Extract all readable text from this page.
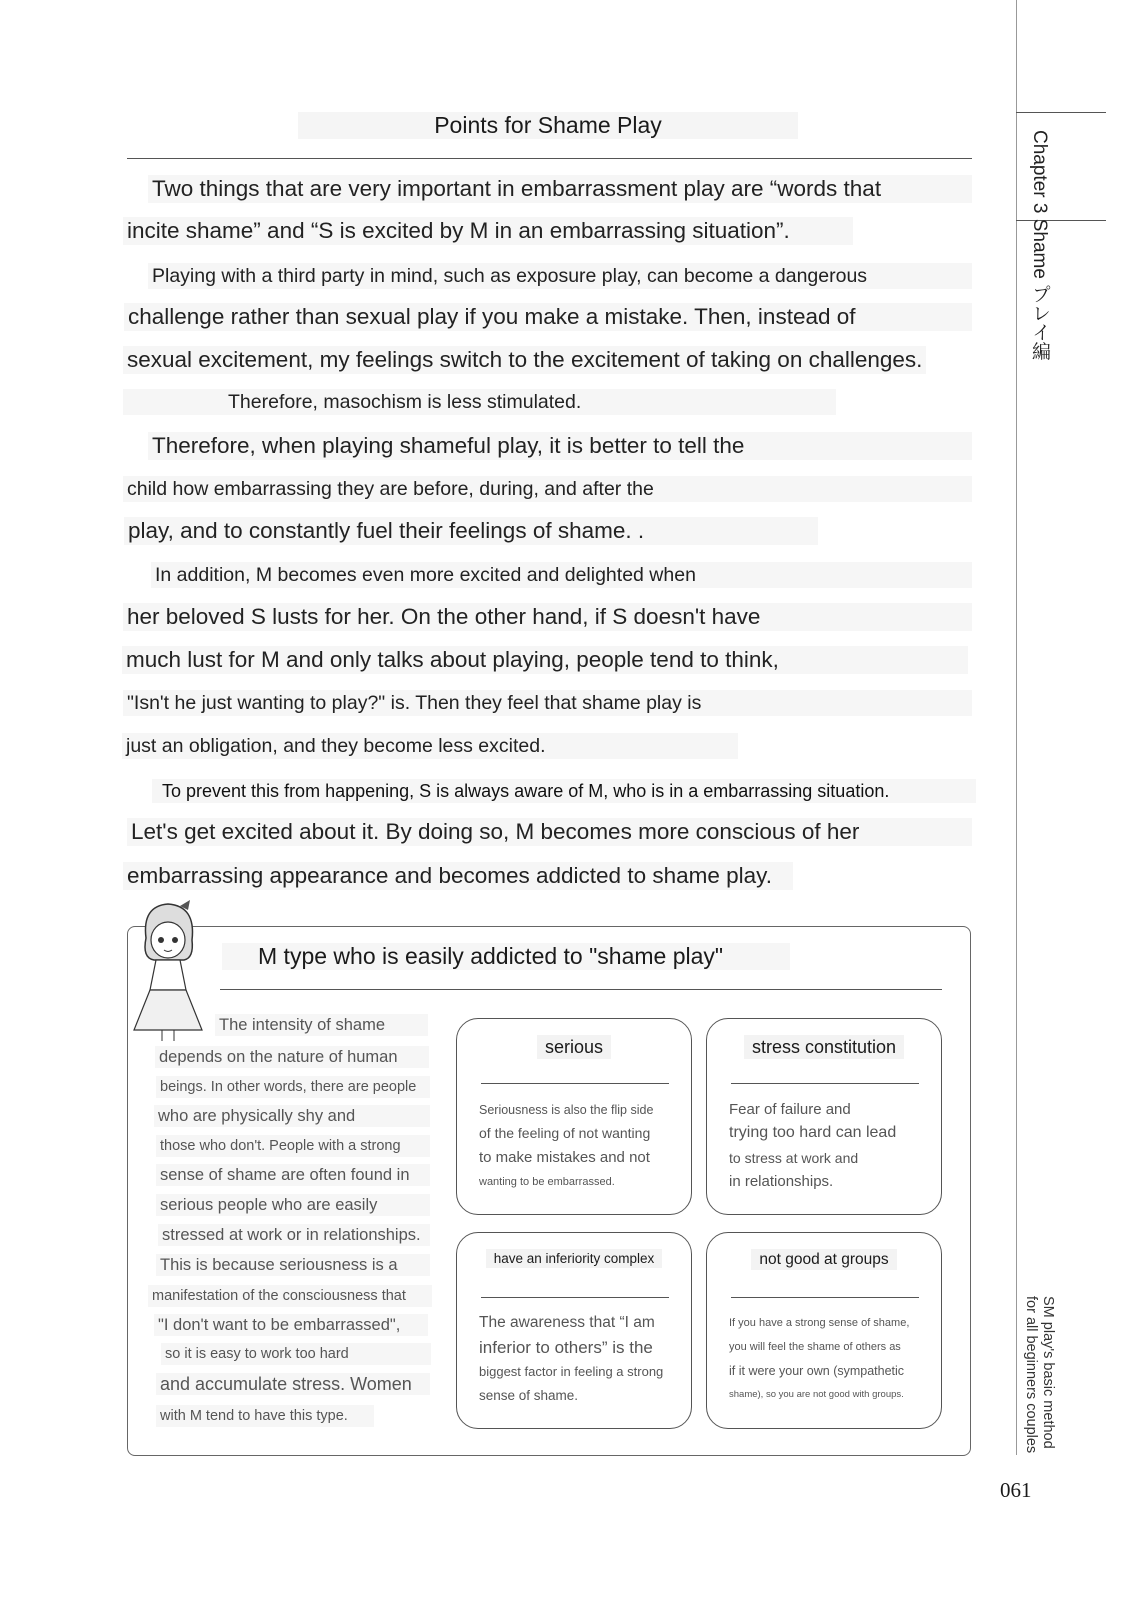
Chapter 3 Shame プレイ編
SM play's basic method
for all beginners couples
061
Points for Shame Play
Two things that are very important in embarrassment play are “words that
incite shame” and “S is excited by M in an embarrassing situation”.
Playing with a third party in mind, such as exposure play, can become a dangerous
challenge rather than sexual play if you make a mistake. Then, instead of
sexual excitement, my feelings switch to the excitement of taking on challenges.
Therefore, masochism is less stimulated.
Therefore, when playing shameful play, it is better to tell the
child how embarrassing they are before, during, and after the
play, and to constantly fuel their feelings of shame. .
In addition, M becomes even more excited and delighted when
her beloved S lusts for her. On the other hand, if S doesn't have
much lust for M and only talks about playing, people tend to think,
"Isn't he just wanting to play?" is. Then they feel that shame play is
just an obligation, and they become less excited.
To prevent this from happening, S is always aware of M, who is in a embarrassing situation.
Let's get excited about it. By doing so, M becomes more conscious of her
embarrassing appearance and becomes addicted to shame play.
M type who is easily addicted to "shame play"
The intensity of shame
depends on the nature of human
beings. In other words, there are people
who are physically shy and
those who don't. People with a strong
sense of shame are often found in
serious people who are easily
stressed at work or in relationships.
This is because seriousness is a
manifestation of the consciousness that
"I don't want to be embarrassed",
so it is easy to work too hard
and accumulate stress. Women
with M tend to have this type.
serious
Seriousness is also the flip side
of the feeling of not wanting
to make mistakes and not
wanting to be embarrassed.
stress constitution
Fear of failure and
trying too hard can lead
to stress at work and
in relationships.
have an inferiority complex
The awareness that “I am
inferior to others” is the
biggest factor in feeling a strong
sense of shame.
not good at groups
If you have a strong sense of shame,
you will feel the shame of others as
if it were your own (sympathetic
shame), so you are not good with groups.
